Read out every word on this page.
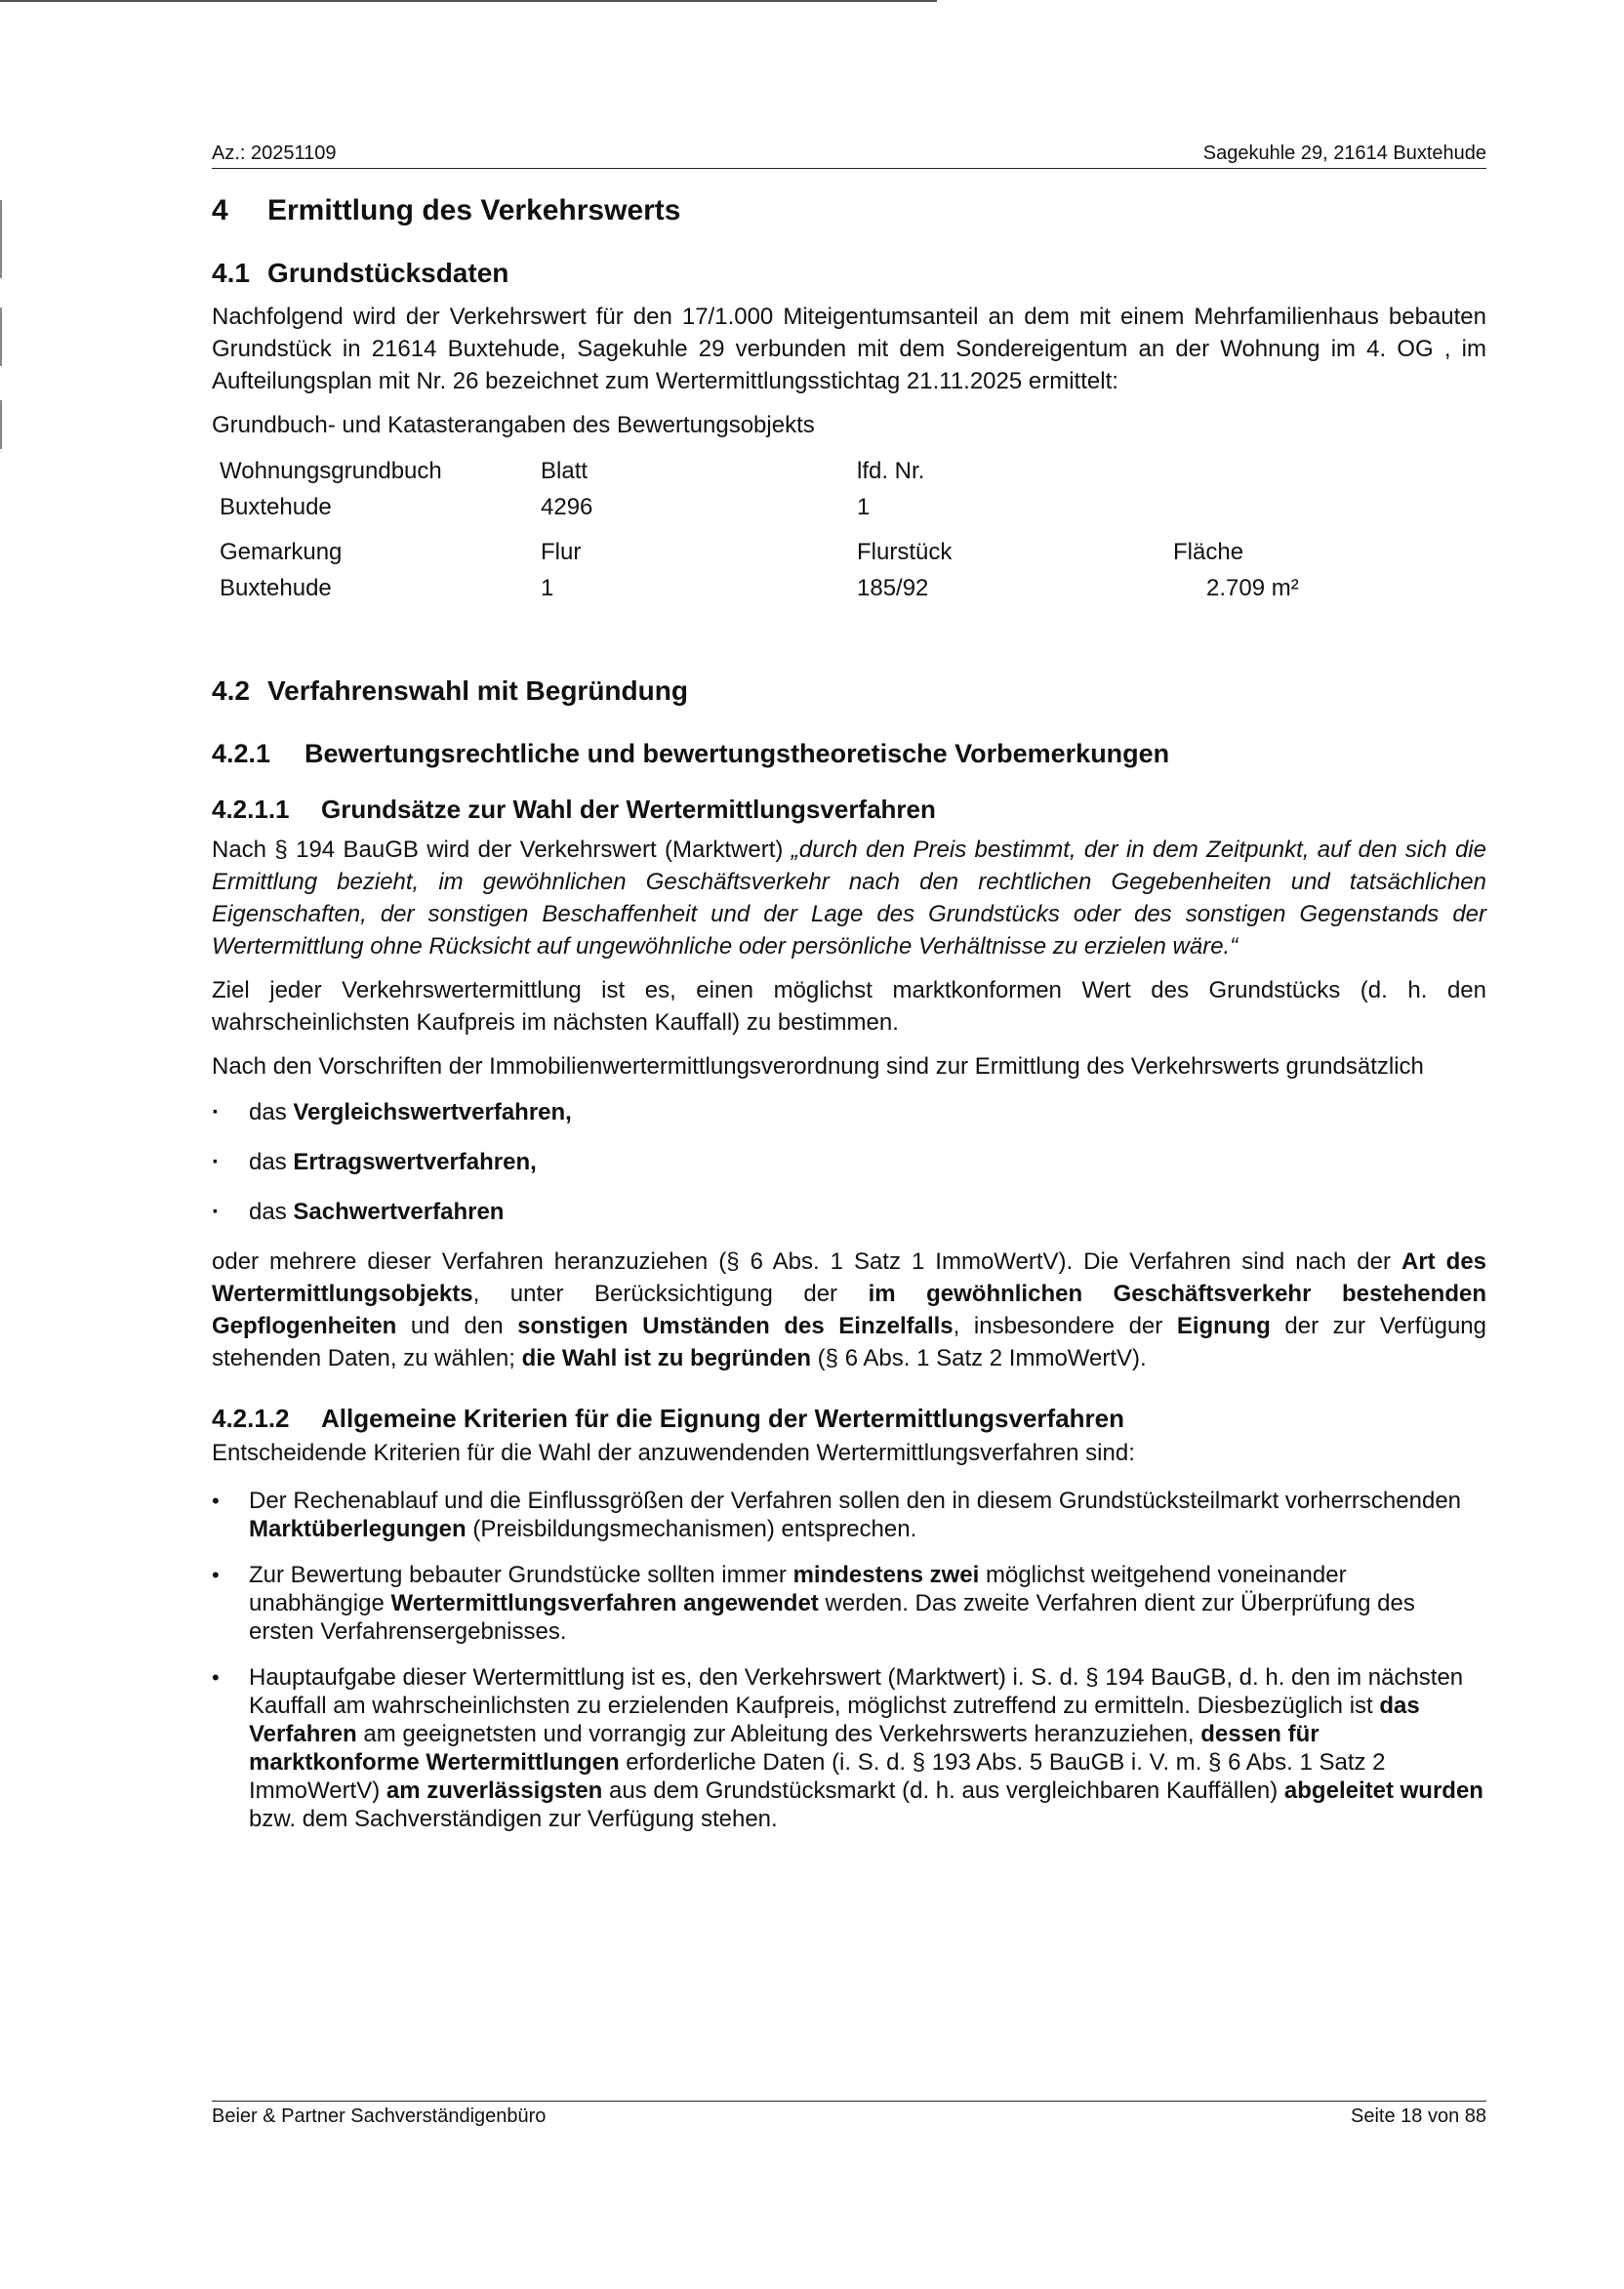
Az.: 20251109	Sagekuhle 29, 21614 Buxtehude
4 Ermittlung des Verkehrswerts
4.1 Grundstücksdaten

Nachfolgend wird der Verkehrswert für den 17/1.000 Miteigentumsanteil an dem mit einem Mehrfamilienhaus bebauten Grundstück in 21614 Buxtehude, Sagekuhle 29 verbunden mit dem Sondereigentum an der Wohnung im 4. OG , im Aufteilungsplan mit Nr. 26 bezeichnet zum Wertermittlungsstichtag 21.11.2025 ermittelt:

Grundbuch- und Katasterangaben des Bewertungsobjekts

Wohnungsgrundbuch	Blatt	lfd. Nr.
Buxtehude	4296	1
Gemarkung	Flur	Flurstück	Fläche
Buxtehude	1	185/92	2.709 m²
4.2 Verfahrenswahl mit Begründung
4.2.1 Bewertungsrechtliche und bewertungstheoretische Vorbemerkungen
4.2.1.1 Grundsätze zur Wahl der Wertermittlungsverfahren

Nach § 194 BauGB wird der Verkehrswert (Marktwert) „durch den Preis bestimmt, der in dem Zeitpunkt, auf den sich die Ermittlung bezieht, im gewöhnlichen Geschäftsverkehr nach den rechtlichen Gegebenheiten und tatsächlichen Eigenschaften, der sonstigen Beschaffenheit und der Lage des Grundstücks oder des sonstigen Gegenstands der Wertermittlung ohne Rücksicht auf ungewöhnliche oder persönliche Verhältnisse zu erzielen wäre.“

Ziel jeder Verkehrswertermittlung ist es, einen möglichst marktkonformen Wert des Grundstücks (d. h. den wahrscheinlichsten Kaufpreis im nächsten Kauffall) zu bestimmen.

Nach den Vorschriften der Immobilienwertermittlungsverordnung sind zur Ermittlung des Verkehrswerts grundsätzlich

· das Vergleichswertverfahren,
· das Ertragswertverfahren,
· das Sachwertverfahren

oder mehrere dieser Verfahren heranzuziehen (§ 6 Abs. 1 Satz 1 ImmoWertV). Die Verfahren sind nach der Art des Wertermittlungsobjekts, unter Berücksichtigung der im gewöhnlichen Geschäftsverkehr bestehenden Gepflogenheiten und den sonstigen Umständen des Einzelfalls, insbesondere der Eignung der zur Verfügung stehenden Daten, zu wählen; die Wahl ist zu begründen (§ 6 Abs. 1 Satz 2 ImmoWertV).

4.2.1.2 Allgemeine Kriterien für die Eignung der Wertermittlungsverfahren

Entscheidende Kriterien für die Wahl der anzuwendenden Wertermittlungsverfahren sind:

• Der Rechenablauf und die Einflussgrößen der Verfahren sollen den in diesem Grundstücksteilmarkt vorherrschenden Marktüberlegungen (Preisbildungsmechanismen) entsprechen.
• Zur Bewertung bebauter Grundstücke sollten immer mindestens zwei möglichst weitgehend voneinander unabhängige Wertermittlungsverfahren angewendet werden. Das zweite Verfahren dient zur Überprüfung des ersten Verfahrensergebnisses.
• Hauptaufgabe dieser Wertermittlung ist es, den Verkehrswert (Marktwert) i. S. d. § 194 BauGB, d. h. den im nächsten Kauffall am wahrscheinlichsten zu erzielenden Kaufpreis, möglichst zutreffend zu ermitteln. Diesbezüglich ist das Verfahren am geeignetsten und vorrangig zur Ableitung des Verkehrswerts heranzuziehen, dessen für marktkonforme Wertermittlungen erforderliche Daten (i. S. d. § 193 Abs. 5 BauGB i. V. m. § 6 Abs. 1 Satz 2 ImmoWertV) am zuverlässigsten aus dem Grundstücksmarkt (d. h. aus vergleichbaren Kauffällen) abgeleitet wurden bzw. dem Sachverständigen zur Verfügung stehen.
Beier & Partner Sachverständigenbüro	Seite 18 von 88
